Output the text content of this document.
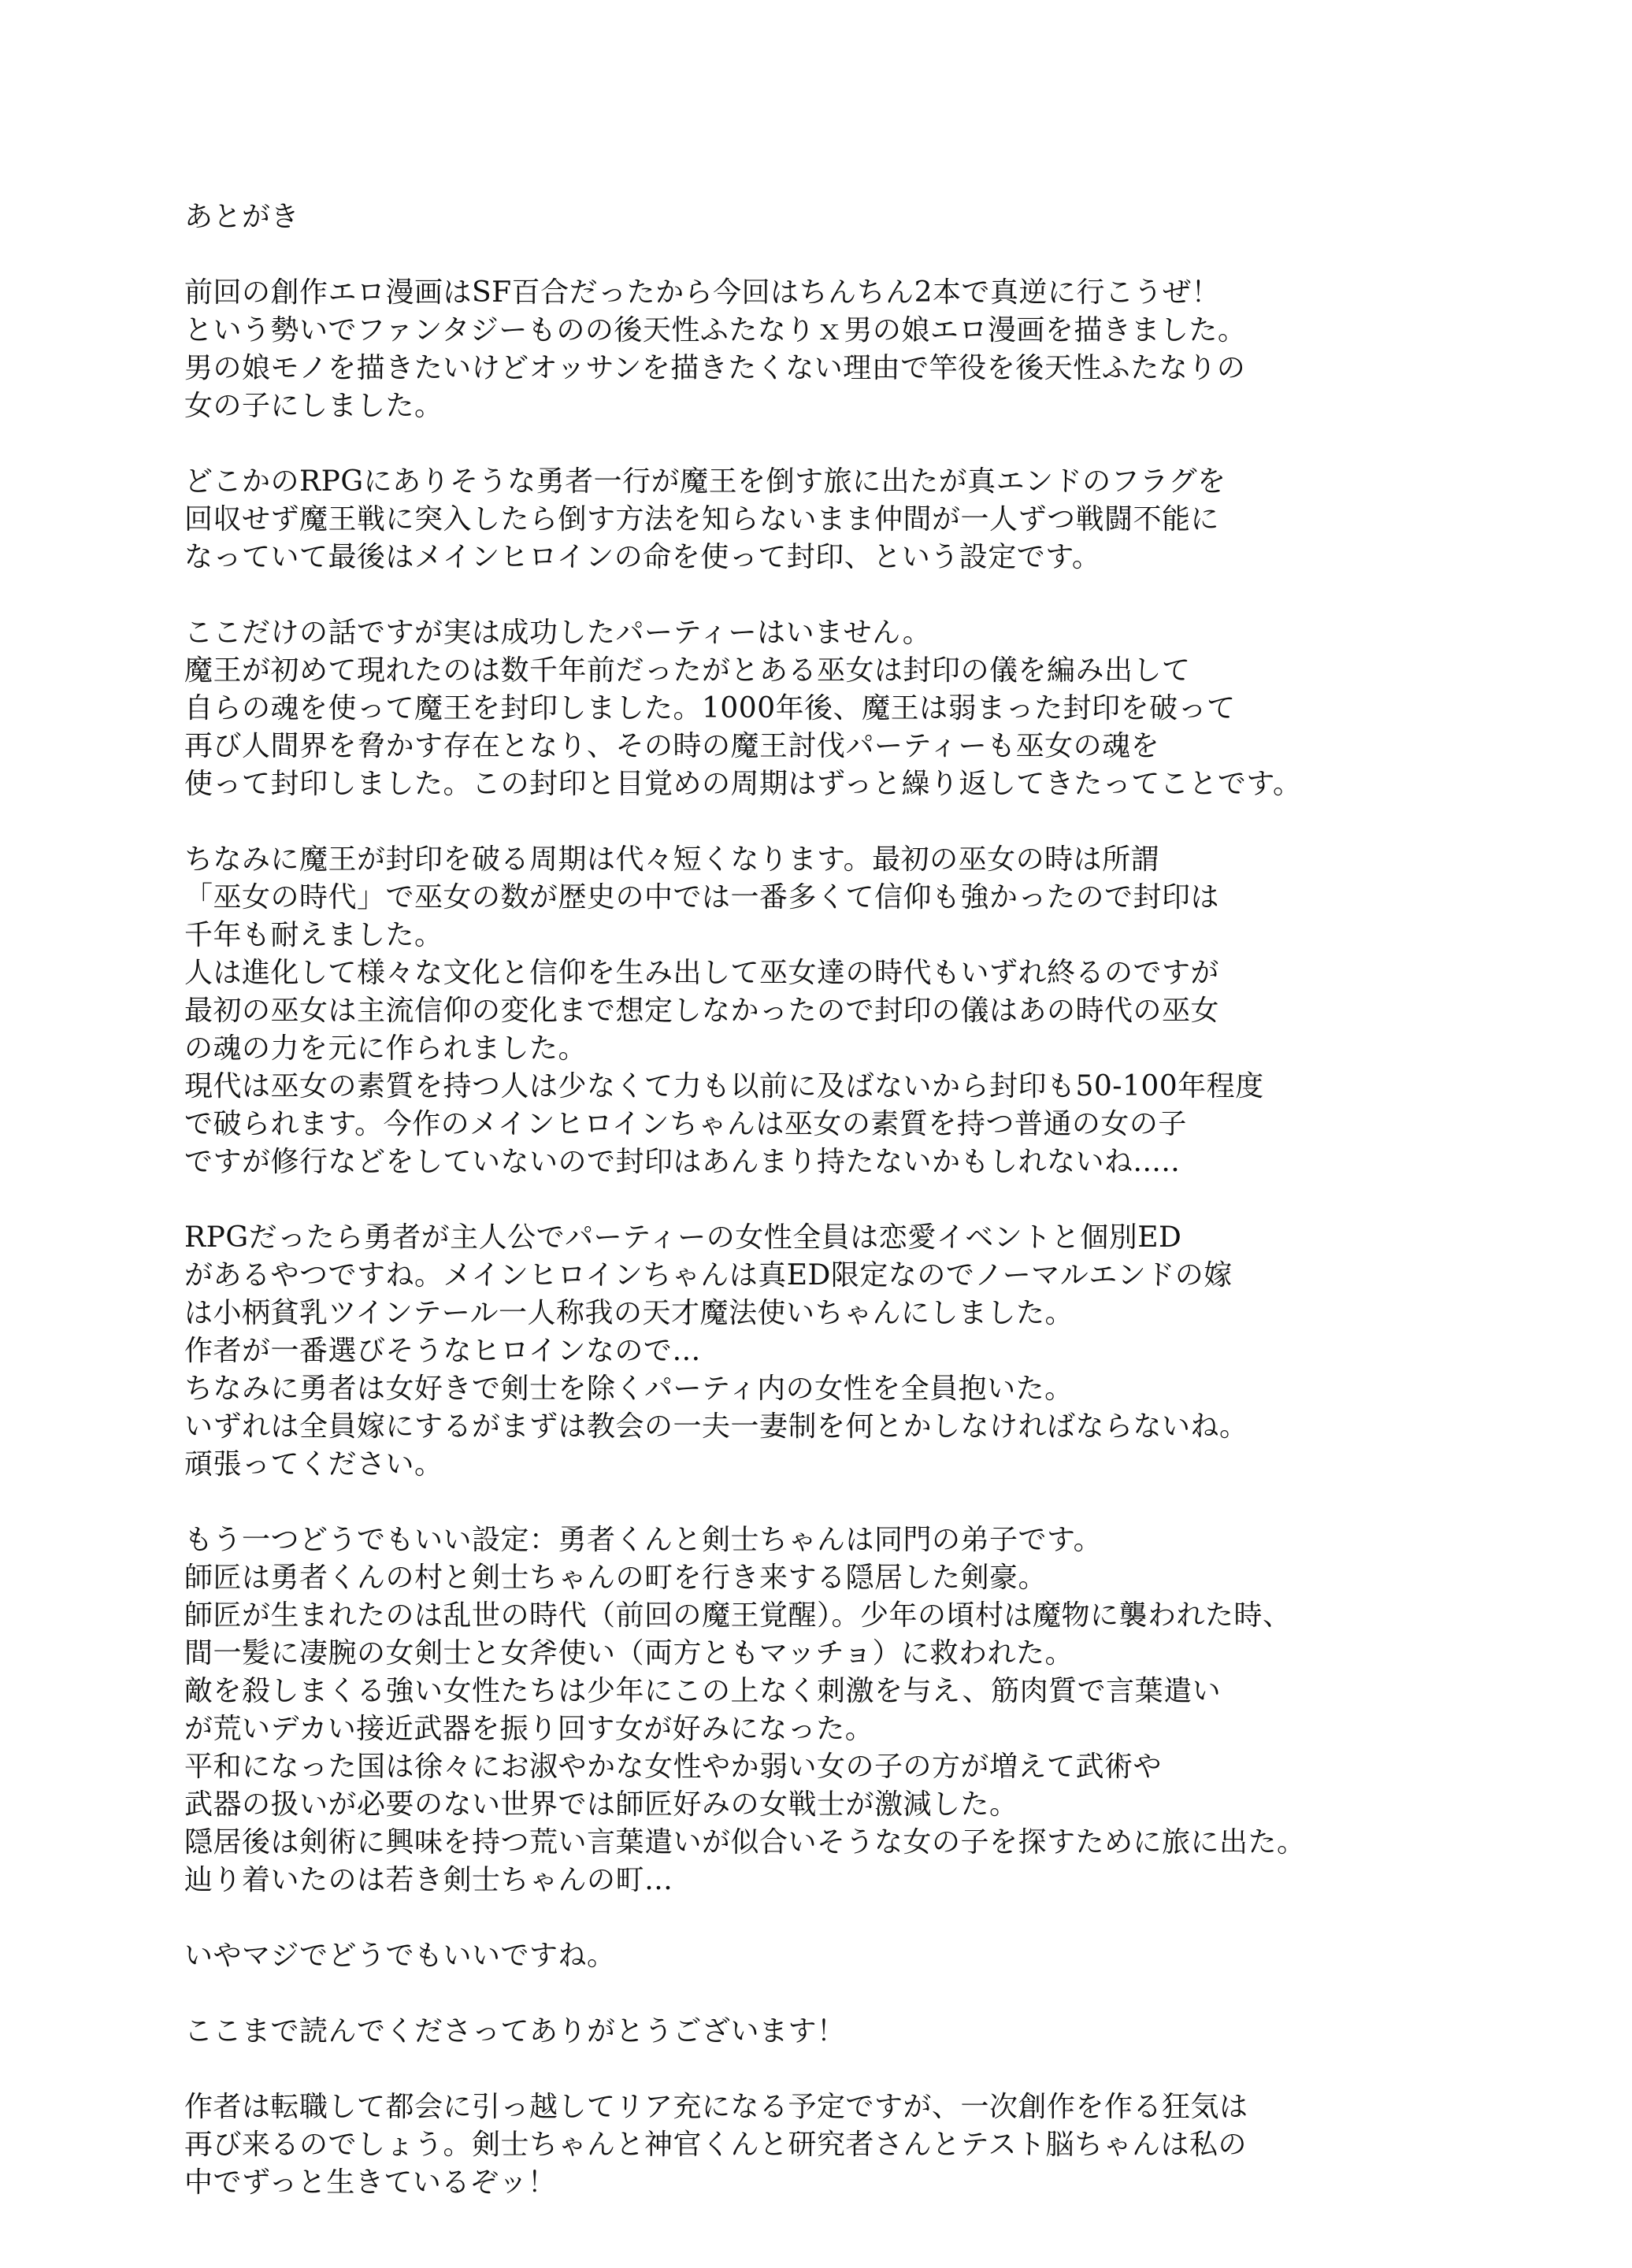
あとがき
前回の創作エロ漫画はSF百合だったから今回はちんちん2本で真逆に行こうぜ！
という勢いでファンタジーものの後天性ふたなりｘ男の娘エロ漫画を描きました。
男の娘モノを描きたいけどオッサンを描きたくない理由で竿役を後天性ふたなりの
女の子にしました。
どこかのRPGにありそうな勇者一行が魔王を倒す旅に出たが真エンドのフラグを
回収せず魔王戦に突入したら倒す方法を知らないまま仲間が一人ずつ戦闘不能に
なっていて最後はメインヒロインの命を使って封印、という設定です。
ここだけの話ですが実は成功したパーティーはいません。
魔王が初めて現れたのは数千年前だったがとある巫女は封印の儀を編み出して
自らの魂を使って魔王を封印しました。1000年後、魔王は弱まった封印を破って
再び人間界を脅かす存在となり、その時の魔王討伐パーティーも巫女の魂を
使って封印しました。この封印と目覚めの周期はずっと繰り返してきたってことです。
ちなみに魔王が封印を破る周期は代々短くなります。最初の巫女の時は所謂
「巫女の時代」で巫女の数が歴史の中では一番多くて信仰も強かったので封印は
千年も耐えました。
人は進化して様々な文化と信仰を生み出して巫女達の時代もいずれ終るのですが
最初の巫女は主流信仰の変化まで想定しなかったので封印の儀はあの時代の巫女
の魂の力を元に作られました。
現代は巫女の素質を持つ人は少なくて力も以前に及ばないから封印も50-100年程度
で破られます。今作のメインヒロインちゃんは巫女の素質を持つ普通の女の子
ですが修行などをしていないので封印はあんまり持たないかもしれないね.....
RPGだったら勇者が主人公でパーティーの女性全員は恋愛イベントと個別ED
があるやつですね。メインヒロインちゃんは真ED限定なのでノーマルエンドの嫁
は小柄貧乳ツインテール一人称我の天才魔法使いちゃんにしました。
作者が一番選びそうなヒロインなので…
ちなみに勇者は女好きで剣士を除くパーティ内の女性を全員抱いた。
いずれは全員嫁にするがまずは教会の一夫一妻制を何とかしなければならないね。
頑張ってください。
もう一つどうでもいい設定：勇者くんと剣士ちゃんは同門の弟子です。
師匠は勇者くんの村と剣士ちゃんの町を行き来する隠居した剣豪。
師匠が生まれたのは乱世の時代（前回の魔王覚醒）。少年の頃村は魔物に襲われた時、
間一髪に凄腕の女剣士と女斧使い（両方ともマッチョ）に救われた。
敵を殺しまくる強い女性たちは少年にこの上なく刺激を与え、筋肉質で言葉遣い
が荒いデカい接近武器を振り回す女が好みになった。
平和になった国は徐々にお淑やかな女性やか弱い女の子の方が増えて武術や
武器の扱いが必要のない世界では師匠好みの女戦士が激減した。
隠居後は剣術に興味を持つ荒い言葉遣いが似合いそうな女の子を探すために旅に出た。
辿り着いたのは若き剣士ちゃんの町…
いやマジでどうでもいいですね。
ここまで読んでくださってありがとうございます！
作者は転職して都会に引っ越してリア充になる予定ですが、一次創作を作る狂気は
再び来るのでしょう。剣士ちゃんと神官くんと研究者さんとテスト脳ちゃんは私の
中でずっと生きているぞッ！
